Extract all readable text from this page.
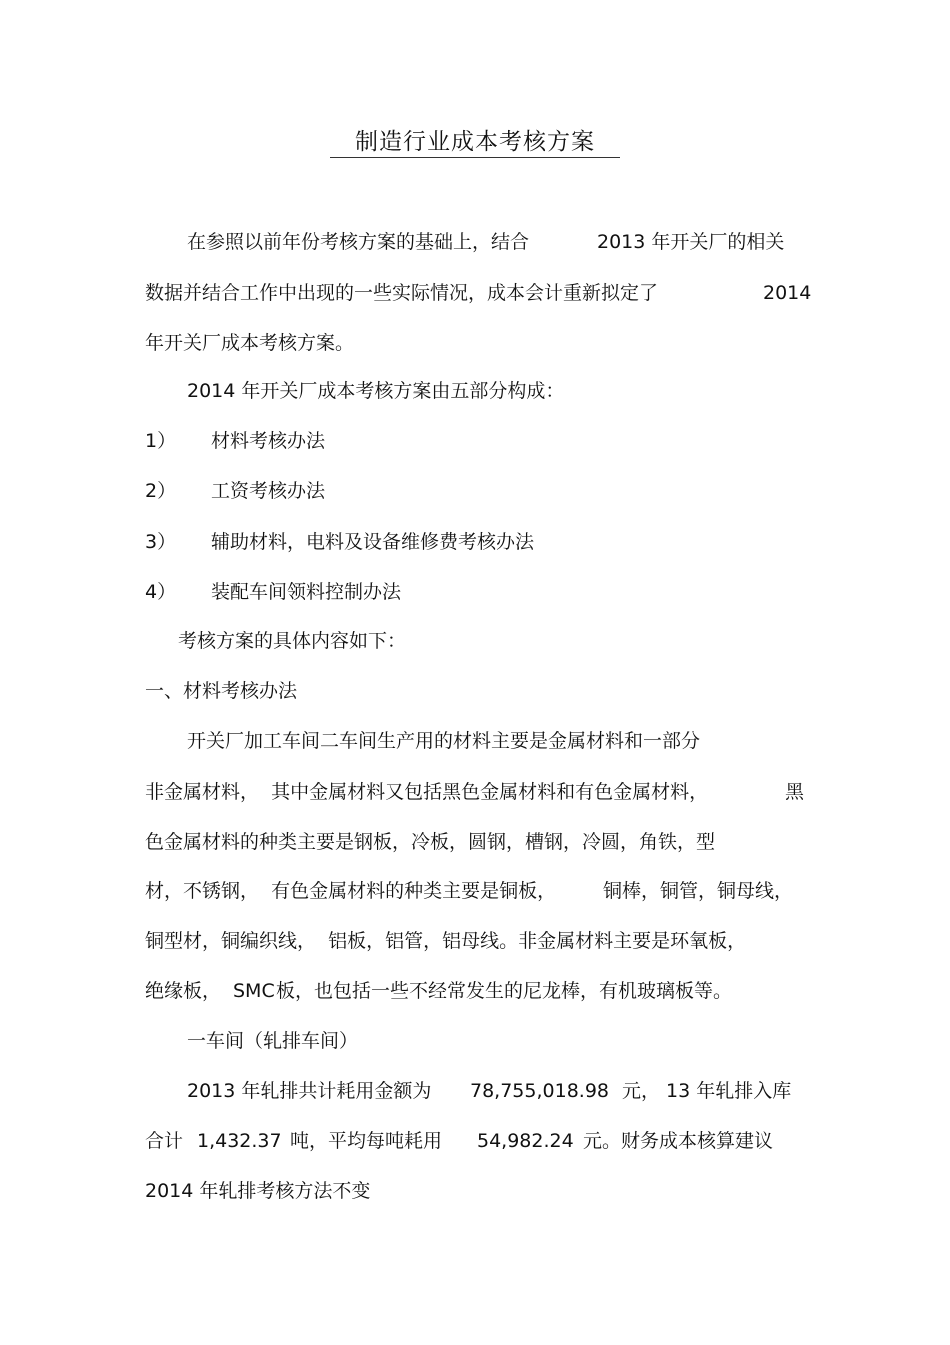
制造行业成本考核方案

在参照以前年份考核方案的基础上，结合

	2013 年开关厂的相关

数据并结合工作中出现的一些实际情况，成本会计重新拟定了

	2014

年开关厂成本考核方案。

2014 年开关厂成本考核方案由五部分构成：

1）

材料考核办法

2）

工资考核办法

3）

辅助材料，电料及设备维修费考核办法

4）

装配车间领料控制办法

考核方案的具体内容如下：

一、材料考核办法

开关厂加工车间二车间生产用的材料主要是金属材料和一部分

非金属材料，  其中金属材料又包括黑色金属材料和有色金属材料，

	黑

色金属材料的种类主要是钢板，冷板，圆钢，槽钢，冷圆，角铁，型

材，不锈钢，  有色金属材料的种类主要是铜板，

铜棒，铜管，铜母线，

铜型材，铜编织线，  铝板，铝管，铝母线。非金属材料主要是环氧板，

绝缘板，

SMC

板，也包括一些不经常发生的尼龙棒，有机玻璃板等。

一车间（轧排车间）

2013 年轧排共计耗用金额为

78,755,018.98

元，

13 年轧排入库

合计

1,432.37

吨，平均每吨耗用

54,982.24

元。财务成本核算建议

2014 年轧排考核方法不变
